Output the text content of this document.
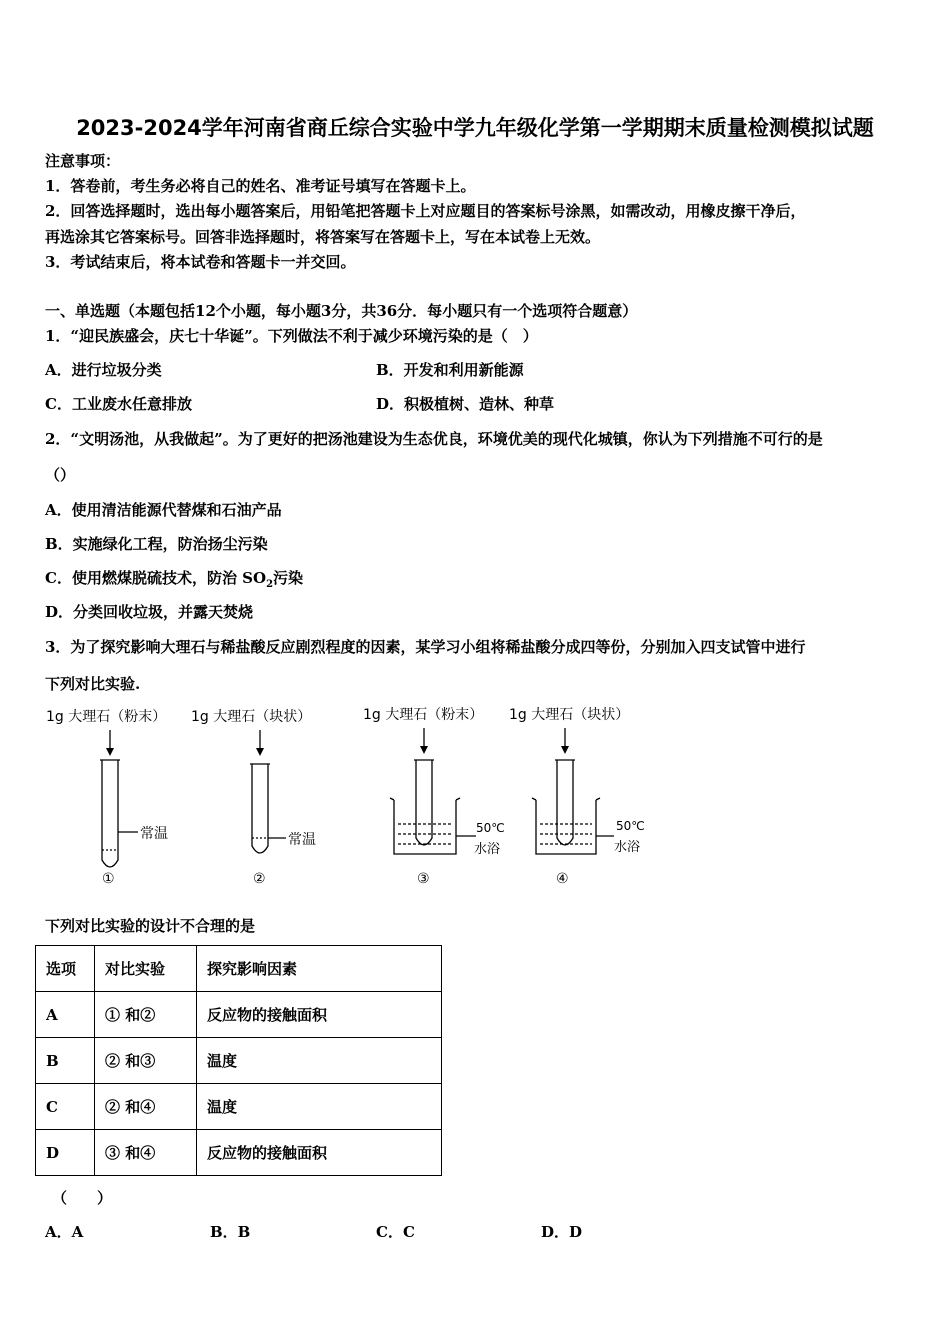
2023-2024学年河南省商丘综合实验中学九年级化学第一学期期末质量检测模拟试题
注意事项：
1．答卷前，考生务必将自己的姓名、准考证号填写在答题卡上。
2．回答选择题时，选出每小题答案后，用铅笔把答题卡上对应题目的答案标号涂黑，如需改动，用橡皮擦干净后，
再选涂其它答案标号。回答非选择题时，将答案写在答题卡上，写在本试卷上无效。
3．考试结束后，将本试卷和答题卡一并交回。
一、单选题（本题包括12个小题，每小题3分，共36分．每小题只有一个选项符合题意）
1．“迎民族盛会，庆七十华诞”。下列做法不利于减少环境污染的是（　）
A．进行垃圾分类	B．开发和利用新能源
C．工业废水任意排放	D．积极植树、造林、种草
2．“文明汤池，从我做起”。为了更好的把汤池建设为生态优良，环境优美的现代化城镇，你认为下列措施不可行的是
（）
A．使用清洁能源代替煤和石油产品
B．实施绿化工程，防治扬尘污染
C．使用燃煤脱硫技术，防治 $SO_2$污染
D．分类回收垃圾，并露天焚烧
3．为了探究影响大理石与稀盐酸反应剧烈程度的因素，某学习小组将稀盐酸分成四等份，分别加入四支试管中进行
下列对比实验.
1g 大理石（粉末） 1g 大理石（块状）	1g 大理石（粉末） 1g 大理石（块状）
常温	常温
50℃
水浴
50℃
水浴
①	②	③	④
下列对比实验的设计不合理的是
选项	对比实验	探究影响因素
A	① 和②	反应物的接触面积
B	② 和③	温度
C	② 和④	温度
D	③ 和④	反应物的接触面积
（　　）
A．A	B．B	C．C	D．D
